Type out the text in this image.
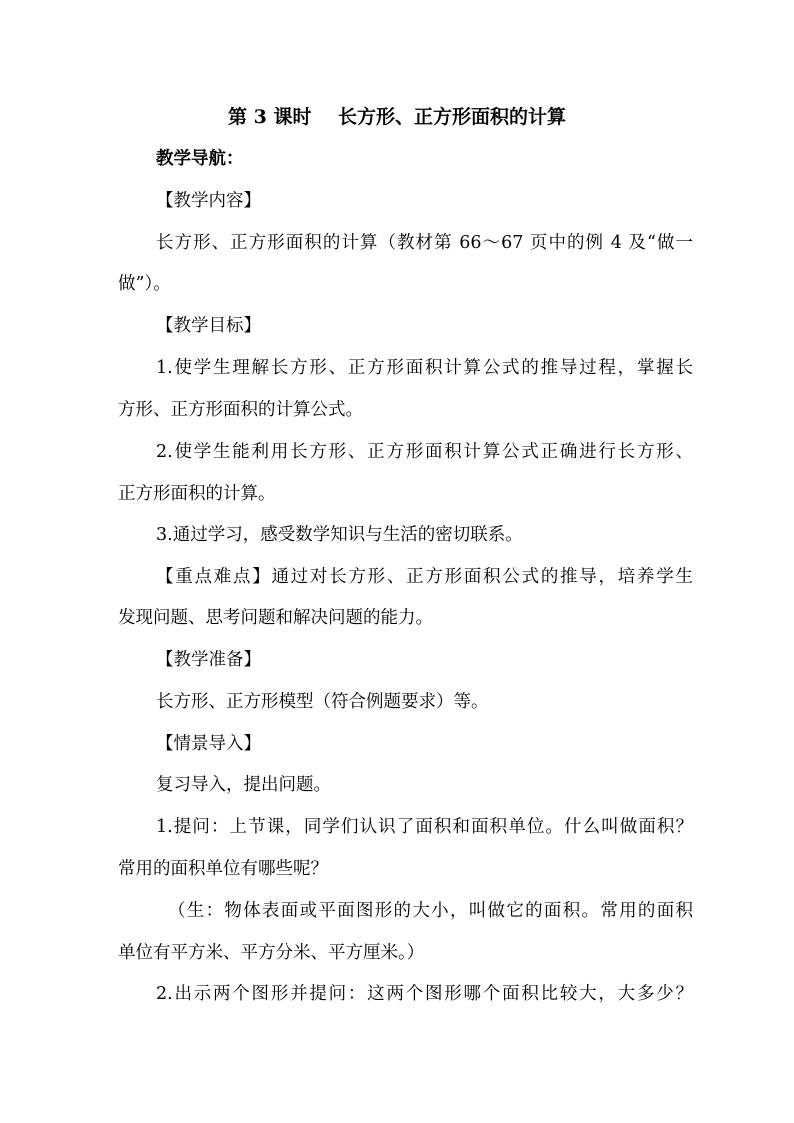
第 3 课时    长方形、正方形面积的计算
教学导航：
【教学内容】
长方形、正方形面积的计算（教材第 66～67 页中的例 4 及“做一
做”）。
【教学目标】
1.使学生理解长方形、正方形面积计算公式的推导过程，掌握长
方形、正方形面积的计算公式。
2.使学生能利用长方形、正方形面积计算公式正确进行长方形、
正方形面积的计算。
3.通过学习，感受数学知识与生活的密切联系。
【重点难点】通过对长方形、正方形面积公式的推导，培养学生
发现问题、思考问题和解决问题的能力。
【教学准备】
长方形、正方形模型（符合例题要求）等。
【情景导入】
复习导入，提出问题。
1.提问：上节课，同学们认识了面积和面积单位。什么叫做面积？
常用的面积单位有哪些呢？
（生：物体表面或平面图形的大小，叫做它的面积。常用的面积
单位有平方米、平方分米、平方厘米。）
2.出示两个图形并提问：这两个图形哪个面积比较大，大多少？
